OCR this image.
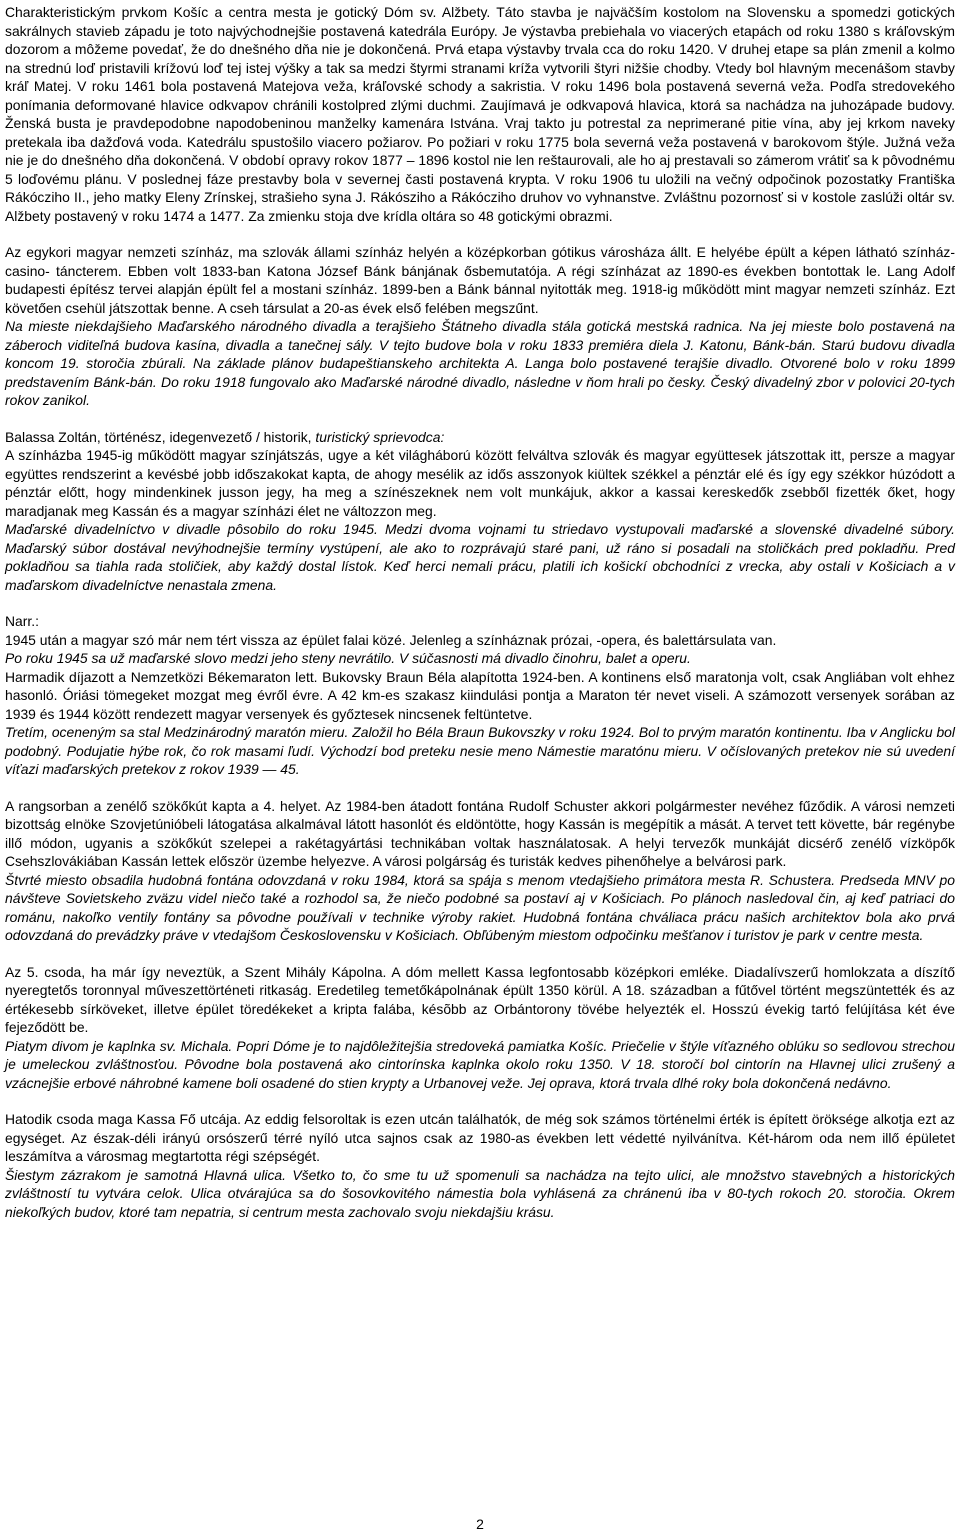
Charakteristickým prvkom Košíc a centra mesta je gotický Dóm sv. Alžbety. Táto stavba je najväčším kostolom na Slovensku a spomedzi gotických sakrálnych stavieb západu je toto najvýchodnejšie postavená katedrála Európy. Je výstavba prebiehala vo viacerých etapách od roku 1380 s kráľovským dozorom a môžeme povedať, že do dnešného dňa nie je dokončená. Prvá etapa výstavby trvala cca do roku 1420. V druhej etape sa plán zmenil a kolmo na strednú loď pristavili krížovú loď tej istej výšky a tak sa medzi štyrmi stranami kríža vytvorili štyri nižšie chodby. Vtedy bol hlavným mecenášom stavby kráľ Matej. V roku 1461 bola postavená Matejova veža, kráľovské schody a sakristia. V roku 1496 bola postavená severná veža. Podľa stredovekého ponímania deformované hlavice odkvapov chránili kostolpred zlými duchmi. Zaujímavá je odkvapová hlavica, ktorá sa nachádza na juhozápade budovy. Ženská busta je pravdepodobne napodobeninou manželky kamenára Istvána. Vraj takto ju potrestal za neprimerané pitie vína, aby jej krkom naveky pretekala iba dažďová voda. Katedrálu spustošilo viacero požiarov. Po požiari v roku 1775 bola severná veža postavená v barokovom štýle. Južná veža nie je do dnešného dňa dokončená. V období opravy rokov 1877 – 1896 kostol nie len reštaurovali, ale ho aj prestavali so zámerom vrátiť sa k pôvodnému 5 loďovému plánu. V poslednej fáze prestavby bola v severnej časti postavená krypta. V roku 1906 tu uložili na večný odpočinok pozostatky Františka Rákócziho II., jeho matky Eleny Zrínskej, strašieho syna J. Rákósziho a Rákócziho druhov vo vyhnanstve. Zvláštnu pozornosť si v kostole zaslúži oltár sv. Alžbety postavený v roku 1474 a 1477. Za zmienku stoja dve krídla oltára so 48 gotickými obrazmi.

Az egykori magyar nemzeti színház, ma szlovák állami színház helyén a középkorban gótikus városháza állt. E helyébe épült a képen látható színház-casino- táncterem. Ebben volt 1833-ban Katona József Bánk bánjának ősbemutatója. A régi színházat az 1890-es években bontottak le. Lang Adolf budapesti építész tervei alapján épült fel a mostani színház. 1899-ben a Bánk bánnal nyitották meg. 1918-ig működött mint magyar nemzeti színház. Ezt követően csehül játszottak benne. A cseh társulat a 20-as évek első felében megszűnt.

Na mieste niekdajšieho Maďarského národného divadla a terajšieho Štátneho divadla stála gotická mestská radnica. Na jej mieste bolo postavená na záberoch viditeľná budova kasína, divadla a tanečnej sály. V tejto budove bola v roku 1833 premiéra diela J. Katonu, Bánk-bán. Starú budovu divadla koncom 19. storočia zbúrali. Na základe plánov budapeštianskeho architekta A. Langa bolo postavené terajšie divadlo. Otvorené bolo v roku 1899 predstavením Bánk-bán. Do roku 1918 fungovalo ako Maďarské národné divadlo, následne v ňom hrali po česky. Český divadelný zbor v polovici 20-tych rokov zanikol.

Balassa Zoltán, történész, idegenvezető / historik, turistický sprievodca:

A színházba 1945-ig működött magyar színjátszás, ugye a két világháború között felváltva szlovák és magyar együttesek játszottak itt, persze a magyar együttes rendszerint a kevésbé jobb időszakokat kapta, de ahogy mesélik az idős asszonyok kiültek székkel a pénztár elé és így egy székkor húzódott a pénztár előtt, hogy mindenkinek jusson jegy, ha meg a színészeknek nem volt munkájuk, akkor a kassai kereskedők zsebből fizették őket, hogy maradjanak meg Kassán és a magyar színházi élet ne változzon meg.

Maďarské divadelníctvo v divadle pôsobilo do roku 1945. Medzi dvoma vojnami tu striedavo vystupovali maďarské a slovenské divadelné súbory. Maďarský súbor dostával nevýhodnejšie termíny vystúpení, ale ako to rozprávajú staré pani, už ráno si posadali na stoličkách pred pokladňu. Pred pokladňou sa tiahla rada stoličiek, aby každý dostal lístok. Keď herci nemali prácu, platili ich košickí obchodníci z vrecka, aby ostali v Košiciach a v maďarskom divadelníctve nenastala zmena.

Narr.:

1945 után a magyar szó már nem tért vissza az épület falai közé. Jelenleg a színháznak prózai, -opera, és balettársulata van.

Po roku 1945 sa už maďarské slovo medzi jeho steny nevrátilo. V súčasnosti má divadlo činohru, balet a operu.

Harmadik díjazott a Nemzetközi Békemaraton lett. Bukovsky Braun Béla alapította 1924-ben. A kontinens első maratonja volt, csak Angliában volt ehhez hasonló. Óriási tömegeket mozgat meg évről évre. A 42 km-es szakasz kiindulási pontja a Maraton tér nevet viseli. A számozott versenyek sorában az 1939 és 1944 között rendezett magyar versenyek és győztesek nincsenek feltüntetve.

Tretím, oceneným sa stal Medzinárodný maratón mieru. Založil ho Béla Braun Bukovszky v roku 1924. Bol to prvým maratón kontinentu. Iba v Anglicku bol podobný. Podujatie hýbe rok, čo rok masami ľudí. Východzí bod preteku nesie meno Námestie maratónu mieru. V očíslovaných pretekov nie sú uvedení víťazi maďarských pretekov z rokov 1939 — 45.

A rangsorban a zenélő szökőkút kapta a 4. helyet. Az 1984-ben átadott fontána Rudolf Schuster akkori polgármester nevéhez fűződik. A városi nemzeti bizottság elnöke Szovjetúnióbeli látogatása alkalmával látott hasonlót és eldöntötte, hogy Kassán is megépítik a mását. A tervet tett követte, bár regénybe illő módon, ugyanis a szökőkút szelepei a rakétagyártási technikában voltak használatosak. A helyi tervezők munkáját dicsérő zenélő vízköpők Csehszlovákiában Kassán lettek először üzembe helyezve. A városi polgárság és turisták kedves pihenőhelye a belvárosi park.

Štvrté miesto obsadila hudobná fontána odovzdaná v roku 1984, ktorá sa spája s menom vtedajšieho primátora mesta R. Schustera. Predseda MNV po návšteve Sovietskeho zväzu videl niečo také a rozhodol sa, že niečo podobné sa postaví aj v Košiciach. Po plánoch nasledoval čin, aj keď patriaci do románu, nakoľko ventily fontány sa pôvodne používali v technike výroby rakiet. Hudobná fontána chváliaca prácu našich architektov bola ako prvá odovzdaná do prevádzky práve v vtedajšom Československu v Košiciach. Obľúbeným miestom odpočinku mešťanov i turistov je park v centre mesta.

Az 5. csoda, ha már így neveztük, a Szent Mihály Kápolna. A dóm mellett Kassa legfontosabb középkori emléke. Diadalívszerű homlokzata a díszítő nyeregtetős toronnyal műveszettörténeti ritkaság. Eredetileg temetőkápolnának épült 1350 körül. A 18. században a fűtővel történt megszüntették és az értékesebb sírköveket, illetve épület töredékeket a kripta falába, késõbb az Orbántorony tövébe helyezték el. Hosszú évekig tartó felújítása két éve fejeződött be.

Piatym divom je kaplnka sv. Michala. Popri Dóme je to najdôležitejšia stredoveká pamiatka Košíc. Priečelie v štýle víťazného oblúku so sedlovou strechou je umeleckou zvláštnosťou. Pôvodne bola postavená ako cintorínska kaplnka okolo roku 1350. V 18. storočí bol cintorín na Hlavnej ulici zrušený a vzácnejšie erbové náhrobné kamene boli osadené do stien krypty a Urbanovej veže. Jej oprava, ktorá trvala dlhé roky bola dokončená nedávno.

Hatodik csoda maga Kassa Fő utcája. Az eddig felsoroltak is ezen utcán találhatók, de még sok számos történelmi érték is épített öröksége alkotja ezt az egységet. Az észak-déli irányú orsószerű térré nyíló utca sajnos csak az 1980-as években lett védetté nyilvánítva. Két-három oda nem illő épületet leszámítva a városmag megtartotta régi szépségét.

Šiestym zázrakom je samotná Hlavná ulica. Všetko to, čo sme tu už spomenuli sa nachádza na tejto ulici, ale množstvo stavebných a historických zvláštností tu vytvára celok. Ulica otvárajúca sa do šosovkovitého námestia bola vyhlásená za chránenú iba v 80-tych rokoch 20. storočia. Okrem niekoľkých budov, ktoré tam nepatria, si centrum mesta zachovalo svoju niekdajšiu krásu.

2
